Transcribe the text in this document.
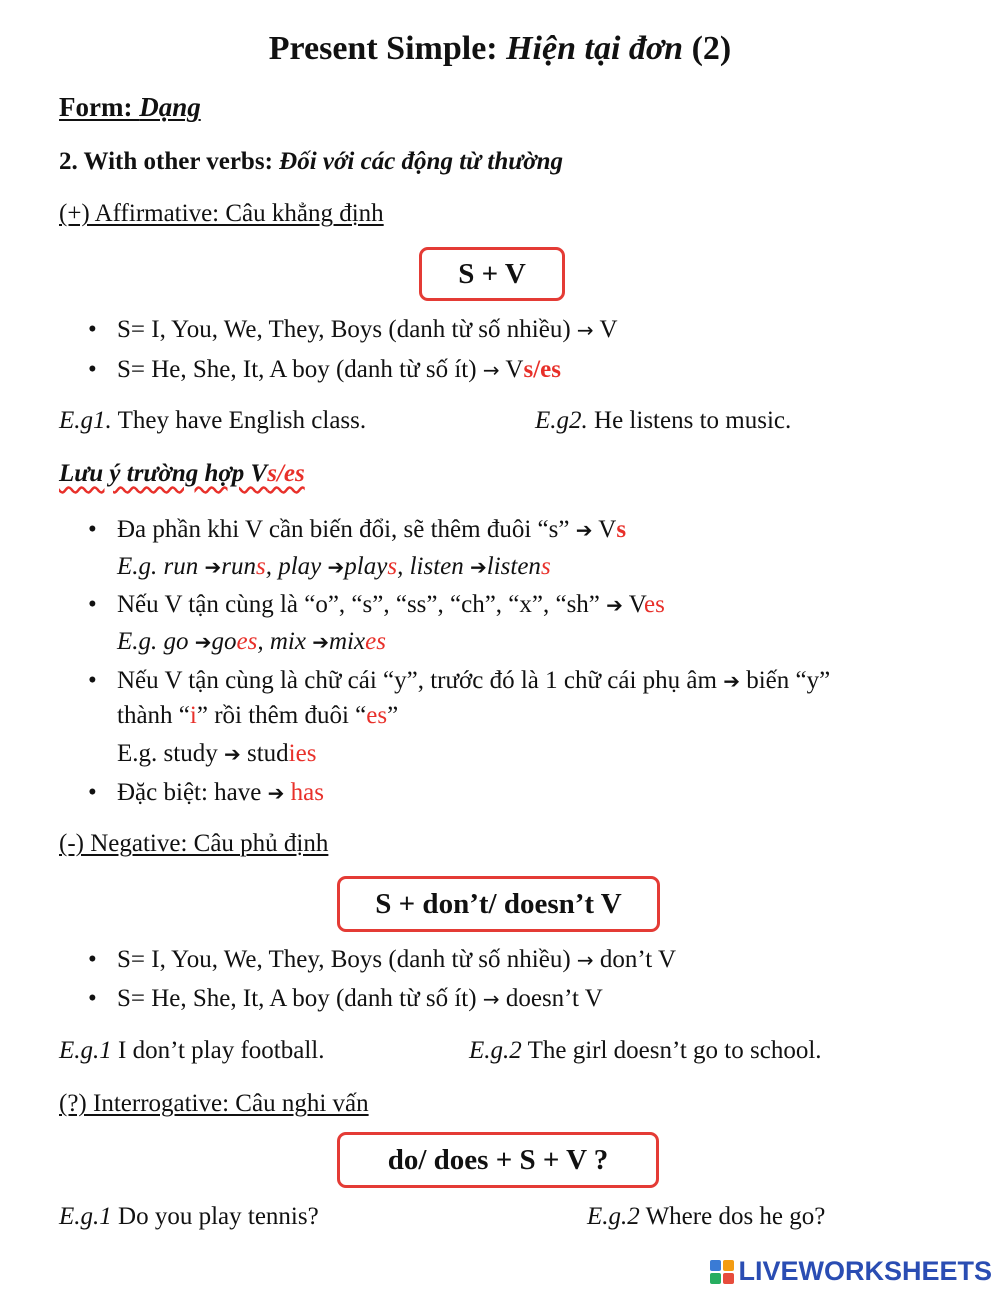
Present Simple: Hiện tại đơn (2)
Form: Dạng
2. With other verbs: Đối với các động từ thường
(+) Affirmative: Câu khẳng định
S + V
• S= I, You, We, They, Boys (danh từ số nhiều) → V
• S= He, She, It, A boy (danh từ số ít) → Vs/es
E.g1. They have English class.	E.g2. He listens to music.
Lưu ý trường hợp Vs/es
• Đa phần khi V cần biến đổi, sẽ thêm đuôi “s” ➔ Vs
E.g. run ➔runs, play ➔plays, listen ➔listens
• Nếu V tận cùng là “o”, “s”, “ss”, “ch”, “x”, “sh” ➔ Ves
E.g. go ➔goes, mix ➔mixes
• Nếu V tận cùng là chữ cái “y”, trước đó là 1 chữ cái phụ âm ➔ biến “y”
thành “i” rồi thêm đuôi “es”
E.g. study ➔ studies
• Đặc biệt: have ➔ has
(-) Negative: Câu phủ định
S + don’t/ doesn’t V
• S= I, You, We, They, Boys (danh từ số nhiều) → don’t V
• S= He, She, It, A boy (danh từ số ít) → doesn’t V
E.g.1 I don’t play football.	E.g.2 The girl doesn’t go to school.
(?) Interrogative: Câu nghi vấn
do/ does + S + V ?
E.g.1 Do you play tennis?	E.g.2 Where dos he go?
LIVEWORKSHEETS
